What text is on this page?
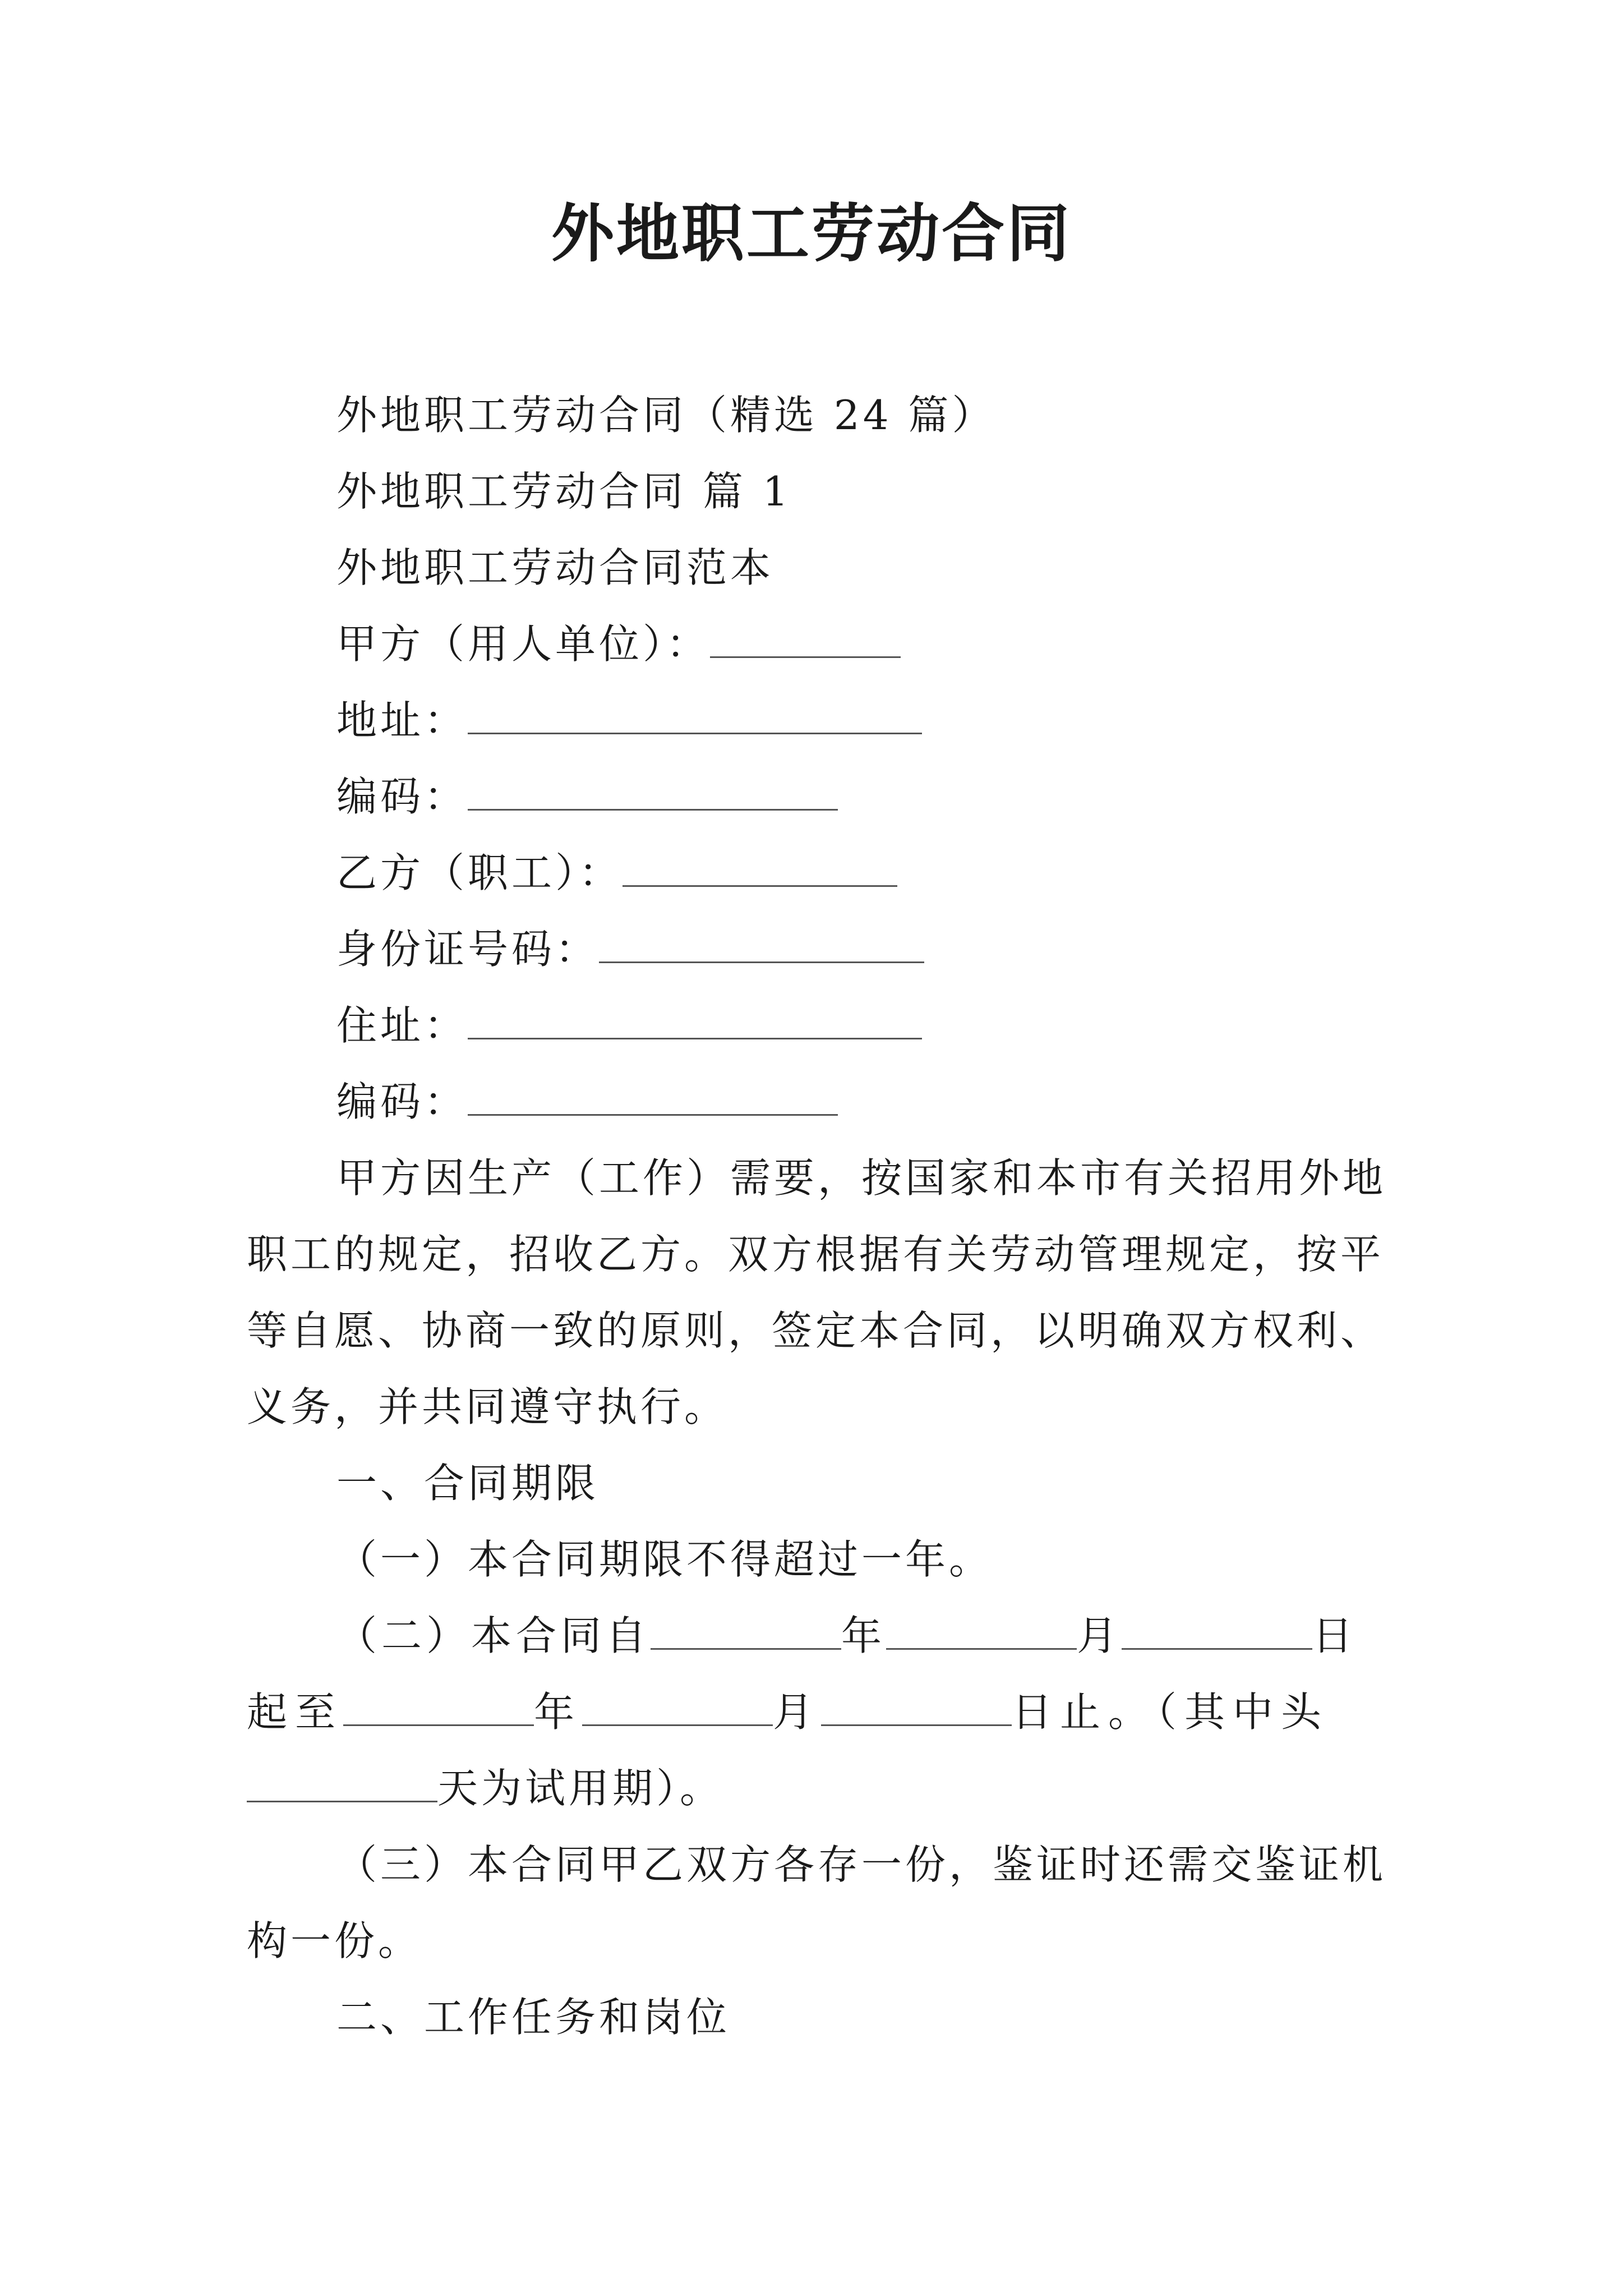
外地职工劳动合同
外地职工劳动合同（精选 24 篇）
外地职工劳动合同 篇 1
外地职工劳动合同范本
甲方（用人单位）：
地址：
编码：
乙方（职工）：
身份证号码：
住址：
编码：
甲方因生产（工作）需要，按国家和本市有关招用外地
职工的规定，招收乙方。双方根据有关劳动管理规定，按平
等自愿、协商一致的原则，签定本合同，以明确双方权利、
义务，并共同遵守执行。
一、合同期限
（一）本合同期限不得超过一年。
（二）本合同自	年	月	日
起至	年	月	日止。（其中头
天为试用期）。
（三）本合同甲乙双方各存一份，鉴证时还需交鉴证机
构一份。
二、工作任务和岗位
